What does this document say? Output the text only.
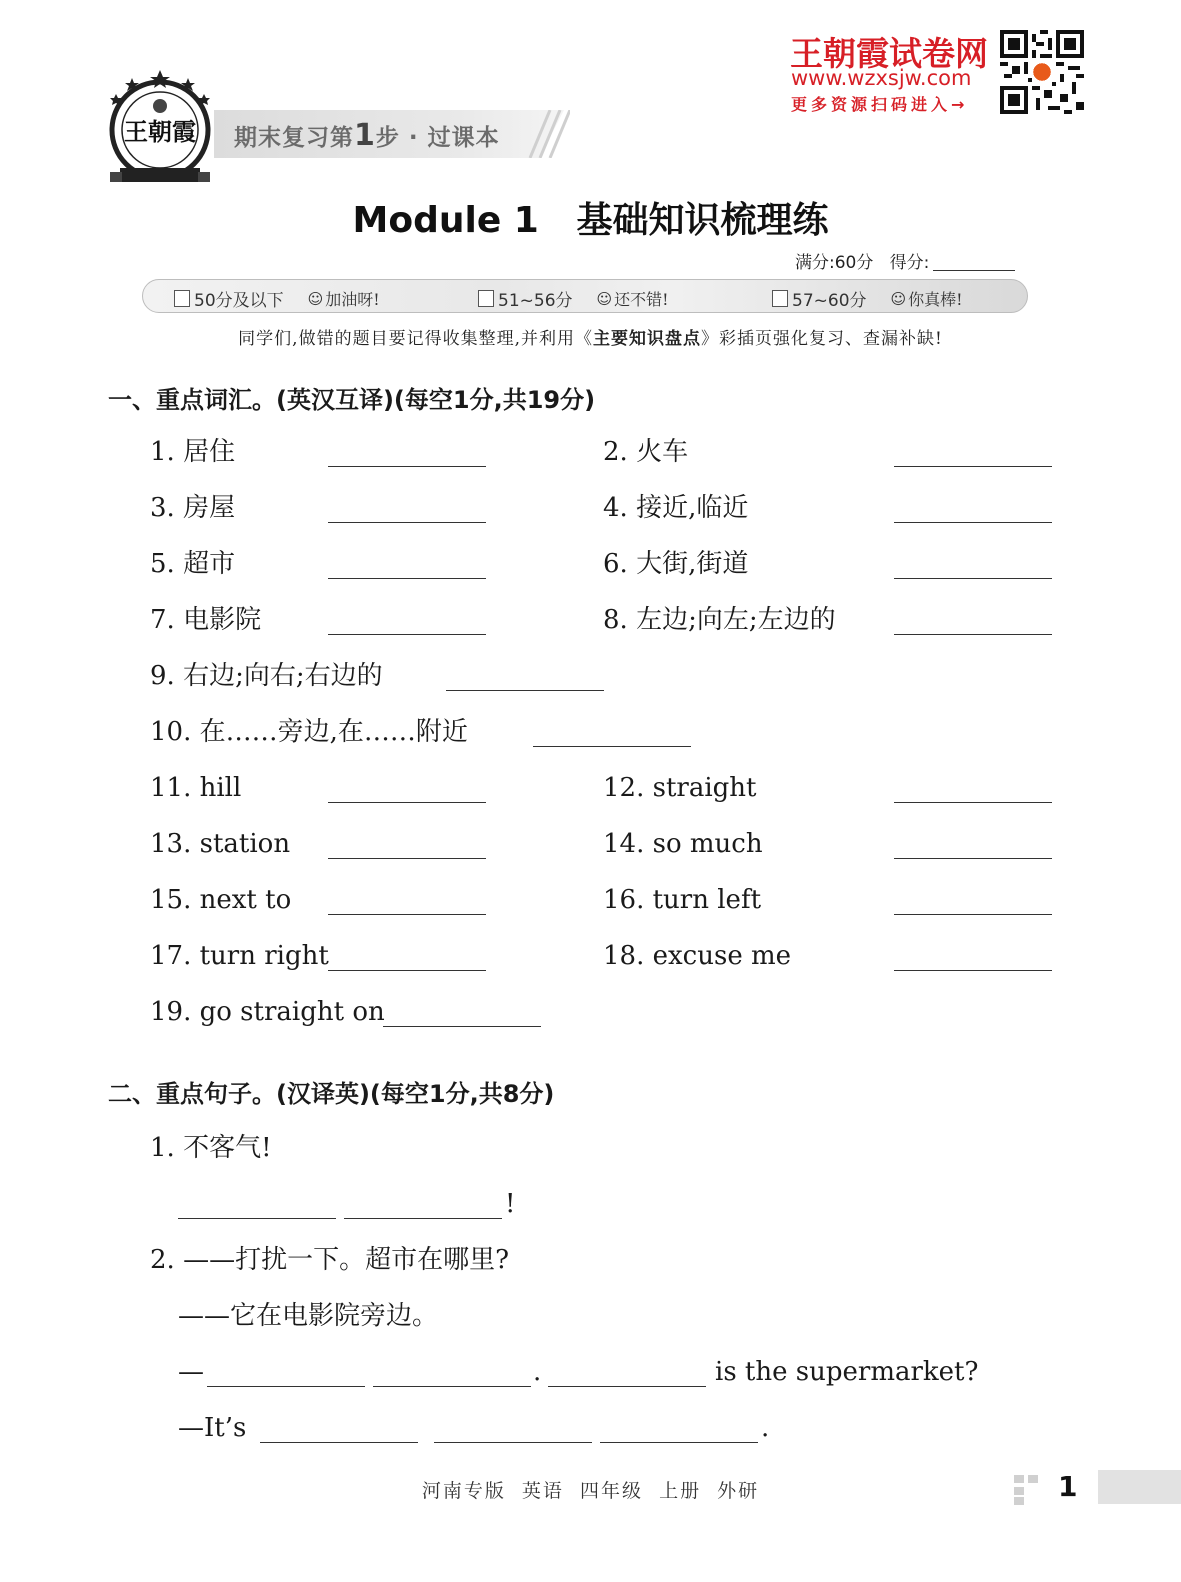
王朝霞 期末复习第1步 · 过课本
王朝霞试卷网
www.wzxsjw.com
更多资源扫码进入→
Module 1   基础知识梳理练
满分:60分 得分:
50分及以下 ☺ 加油呀!	51~56分 ☺ 还不错!	57~60分 ☺ 你真棒!
同学们,做错的题目要记得收集整理,并利用《主要知识盘点》彩插页强化复习、查漏补缺!
一、重点词汇。(英汉互译)(每空1分,共19分)
1. 居住	2. 火车
3. 房屋	4. 接近,临近
5. 超市	6. 大街,街道
7. 电影院	8. 左边;向左;左边的
9. 右边;向右;右边的
10. 在……旁边,在……附近
11. hill	12. straight
13. station	14. so much
15. next to	16. turn left
17. turn right	18. excuse me
19. go straight on
二、重点句子。(汉译英)(每空1分,共8分)
1. 不客气!
!
2. ——打扰一下。超市在哪里?
——它在电影院旁边。
—	.	is the supermarket?
—It’s	.
河南专版  英语  四年级  上册  外研	1
